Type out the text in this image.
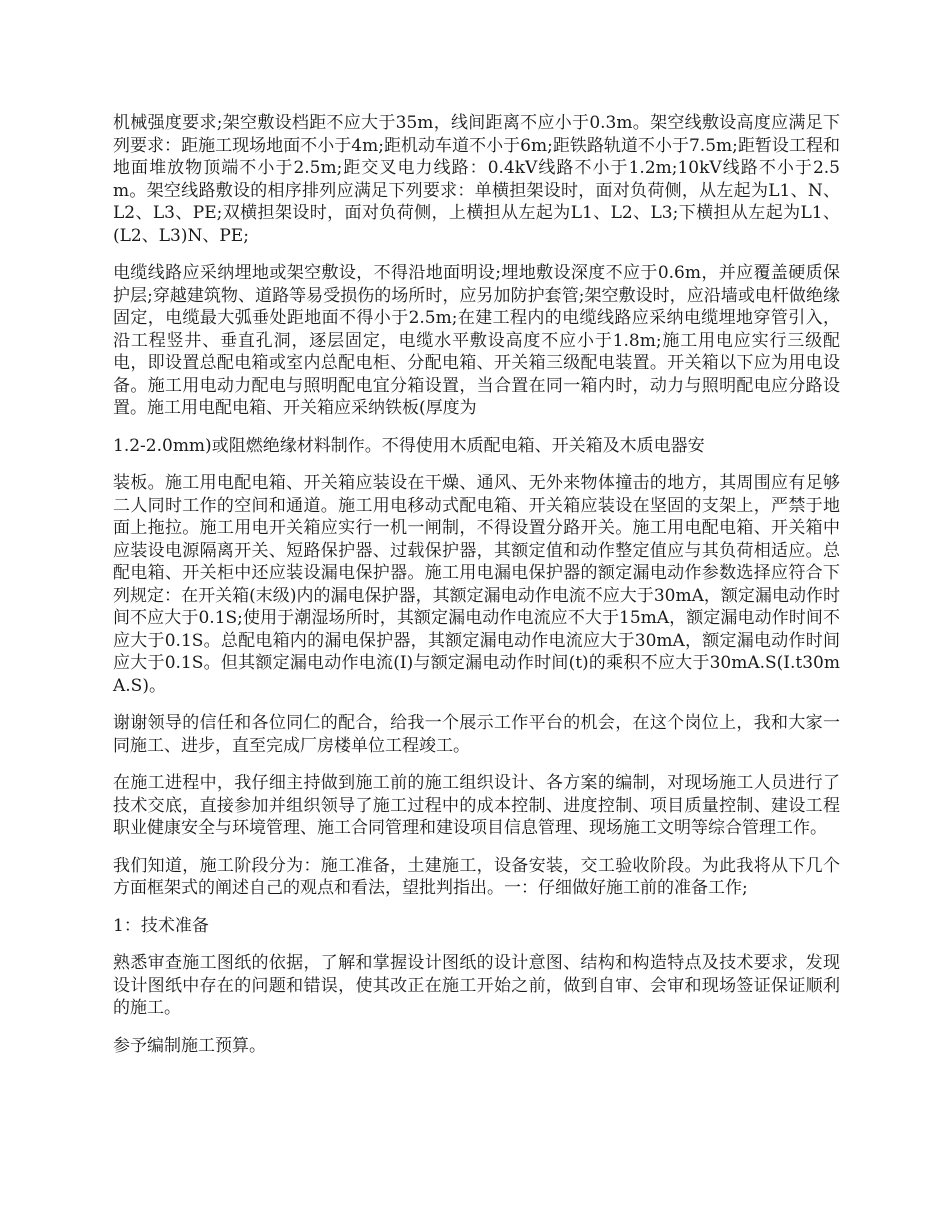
机械强度要求;架空敷设档距不应大于35m，线间距离不应小于0.3m。架空线敷设高度应满足下列要求：距施工现场地面不小于4m;距机动车道不小于6m;距铁路轨道不小于7.5m;距暂设工程和地面堆放物顶端不小于2.5m;距交叉电力线路：0.4kV线路不小于1.2m;10kV线路不小于2.5m。架空线路敷设的相序排列应满足下列要求：单横担架设时，面对负荷侧，从左起为L1、N、L2、L3、PE;双横担架设时，面对负荷侧，上横担从左起为L1、L2、L3;下横担从左起为L1、(L2、L3)N、PE;

电缆线路应采纳埋地或架空敷设，不得沿地面明设;埋地敷设深度不应于0.6m，并应覆盖硬质保护层;穿越建筑物、道路等易受损伤的场所时，应另加防护套管;架空敷设时，应沿墙或电杆做绝缘固定，电缆最大弧垂处距地面不得小于2.5m;在建工程内的电缆线路应采纳电缆埋地穿管引入，沿工程竖井、垂直孔洞，逐层固定，电缆水平敷设高度不应小于1.8m;施工用电应实行三级配电，即设置总配电箱或室内总配电柜、分配电箱、开关箱三级配电装置。开关箱以下应为用电设备。施工用电动力配电与照明配电宜分箱设置，当合置在同一箱内时，动力与照明配电应分路设置。施工用电配电箱、开关箱应采纳铁板(厚度为

1.2-2.0mm)或阻燃绝缘材料制作。不得使用木质配电箱、开关箱及木质电器安

装板。施工用电配电箱、开关箱应装设在干燥、通风、无外来物体撞击的地方，其周围应有足够二人同时工作的空间和通道。施工用电移动式配电箱、开关箱应装设在坚固的支架上，严禁于地面上拖拉。施工用电开关箱应实行一机一闸制，不得设置分路开关。施工用电配电箱、开关箱中应装设电源隔离开关、短路保护器、过载保护器，其额定值和动作整定值应与其负荷相适应。总配电箱、开关柜中还应装设漏电保护器。施工用电漏电保护器的额定漏电动作参数选择应符合下列规定：在开关箱(末级)内的漏电保护器，其额定漏电动作电流不应大于30mA，额定漏电动作时间不应大于0.1S;使用于潮湿场所时，其额定漏电动作电流应不大于15mA，额定漏电动作时间不应大于0.1S。总配电箱内的漏电保护器，其额定漏电动作电流应大于30mA，额定漏电动作时间应大于0.1S。但其额定漏电动作电流(I)与额定漏电动作时间(t)的乘积不应大于30mA.S(I.t30mA.S)。

谢谢领导的信任和各位同仁的配合，给我一个展示工作平台的机会，在这个岗位上，我和大家一同施工、进步，直至完成厂房楼单位工程竣工。

在施工进程中，我仔细主持做到施工前的施工组织设计、各方案的编制，对现场施工人员进行了技术交底，直接参加并组织领导了施工过程中的成本控制、进度控制、项目质量控制、建设工程职业健康安全与环境管理、施工合同管理和建设项目信息管理、现场施工文明等综合管理工作。

我们知道，施工阶段分为：施工准备，土建施工，设备安装，交工验收阶段。为此我将从下几个方面框架式的阐述自己的观点和看法，望批判指出。一：仔细做好施工前的准备工作;

1：技术准备

熟悉审查施工图纸的依据，了解和掌握设计图纸的设计意图、结构和构造特点及技术要求，发现设计图纸中存在的问题和错误，使其改正在施工开始之前，做到自审、会审和现场签证保证顺利的施工。

参予编制施工预算。
